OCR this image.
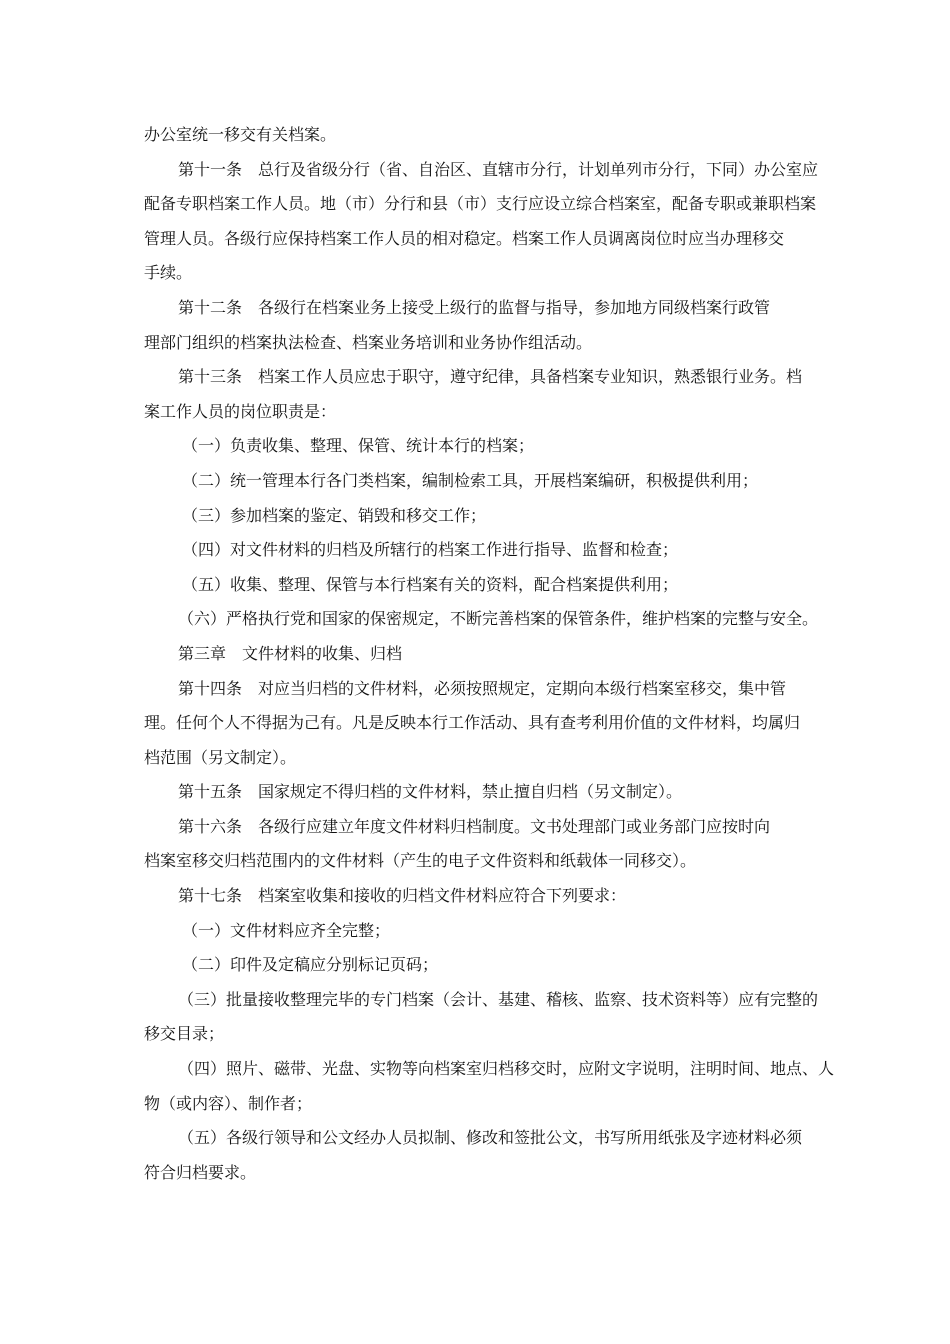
办公室统一移交有关档案。
第十一条　总行及省级分行（省、自治区、直辖市分行，计划单列市分行，下同）办公室应
配备专职档案工作人员。地（市）分行和县（市）支行应设立综合档案室，配备专职或兼职档案
管理人员。各级行应保持档案工作人员的相对稳定。档案工作人员调离岗位时应当办理移交
手续。
第十二条　各级行在档案业务上接受上级行的监督与指导，参加地方同级档案行政管
理部门组织的档案执法检查、档案业务培训和业务协作组活动。
第十三条　档案工作人员应忠于职守，遵守纪律，具备档案专业知识，熟悉银行业务。档
案工作人员的岗位职责是：
（一）负责收集、整理、保管、统计本行的档案；
（二）统一管理本行各门类档案，编制检索工具，开展档案编研，积极提供利用；
（三）参加档案的鉴定、销毁和移交工作；
（四）对文件材料的归档及所辖行的档案工作进行指导、监督和检查；
（五）收集、整理、保管与本行档案有关的资料，配合档案提供利用；
（六）严格执行党和国家的保密规定，不断完善档案的保管条件，维护档案的完整与安全。
第三章　文件材料的收集、归档
第十四条　对应当归档的文件材料，必须按照规定，定期向本级行档案室移交，集中管
理。任何个人不得据为己有。凡是反映本行工作活动、具有查考利用价值的文件材料，均属归
档范围（另文制定）。
第十五条　国家规定不得归档的文件材料，禁止擅自归档（另文制定）。
第十六条　各级行应建立年度文件材料归档制度。文书处理部门或业务部门应按时向
档案室移交归档范围内的文件材料（产生的电子文件资料和纸载体一同移交）。
第十七条　档案室收集和接收的归档文件材料应符合下列要求：
（一）文件材料应齐全完整；
（二）印件及定稿应分别标记页码；
（三）批量接收整理完毕的专门档案（会计、基建、稽核、监察、技术资料等）应有完整的
移交目录；
（四）照片、磁带、光盘、实物等向档案室归档移交时，应附文字说明，注明时间、地点、人
物（或内容）、制作者；
（五）各级行领导和公文经办人员拟制、修改和签批公文，书写所用纸张及字迹材料必须
符合归档要求。
